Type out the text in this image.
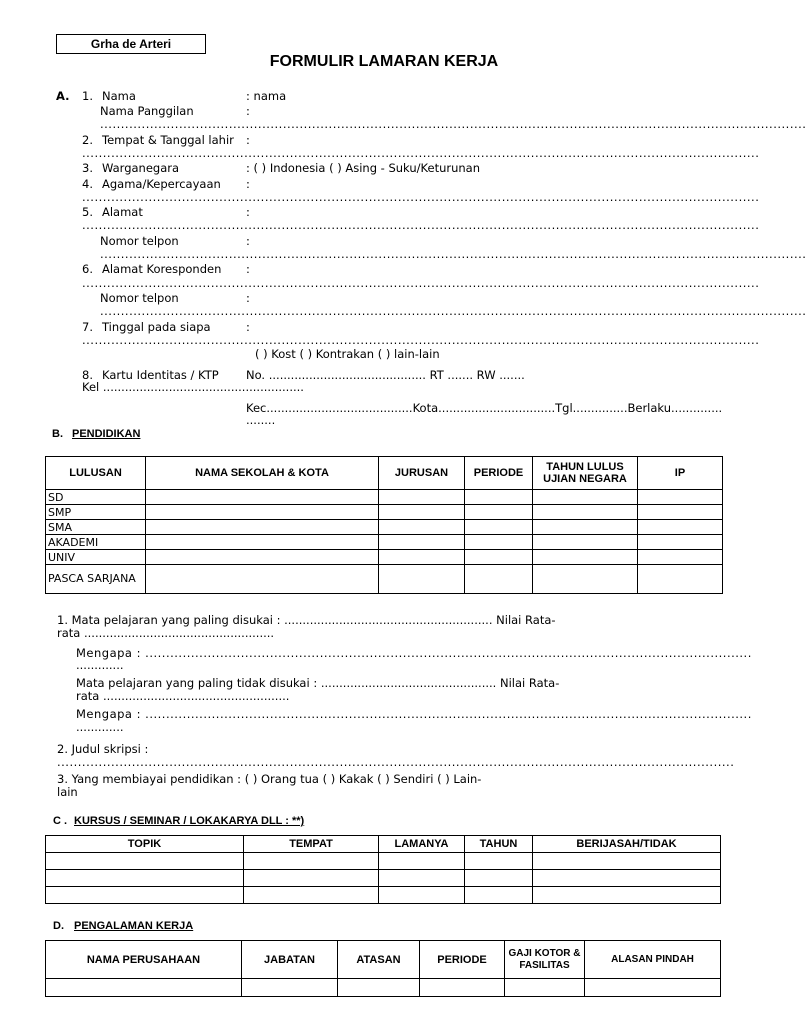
Grha de Arteri
FORMULIR LAMARAN KERJA
A. 1. Nama	: nama
Nama Panggilan	:
..........................................................................................................................................................................
2. Tempat & Tanggal lahir :
...................................................................................................................................................................
3. Warganegara	: ( ) Indonesia ( ) Asing - Suku/Keturunan
4. Agama/Kepercayaan :
...................................................................................................................................................................
5. Alamat	:
...................................................................................................................................................................
Nomor telpon	:
..........................................................................................................................................................................
6. Alamat Koresponden :
...................................................................................................................................................................
Nomor telpon	:
..........................................................................................................................................................................
7. Tinggal pada siapa	:
...................................................................................................................................................................
( ) Kost ( ) Kontrakan ( ) lain-lain
8. Kartu Identitas / KTP No. ........................................... RT ....... RW .......
Kel .......................................................
Kec........................................Kota................................Tgl...............Berlaku..............
........
B. PENDIDIKAN
LULUSAN	NAMA SEKOLAH & KOTA	JURUSAN	PERIODE	TAHUN LULUS UJIAN NEGARA	IP
SD					
SMP					
SMA					
AKADEMI					
UNIV					
PASCA SARJANA					
1. Mata pelajaran yang paling disukai : ......................................................... Nilai Rata-
rata ....................................................
Mengapa : ..................................................................................................................................................
.............
Mata pelajaran yang paling tidak disukai : ................................................ Nilai Rata-
rata ...................................................
Mengapa : ..................................................................................................................................................
.............
2. Judul skripsi :
...................................................................................................................................................................
3. Yang membiayai pendidikan : ( ) Orang tua ( ) Kakak ( ) Sendiri ( ) Lain-
lain
C . KURSUS / SEMINAR / LOKAKARYA DLL : **)
TOPIK	TEMPAT	LAMANYA	TAHUN	BERIJASAH/TIDAK

D. PENGALAMAN KERJA
NAMA PERUSAHAAN	JABATAN	ATASAN	PERIODE	GAJI KOTOR & FASILITAS	ALASAN PINDAH
